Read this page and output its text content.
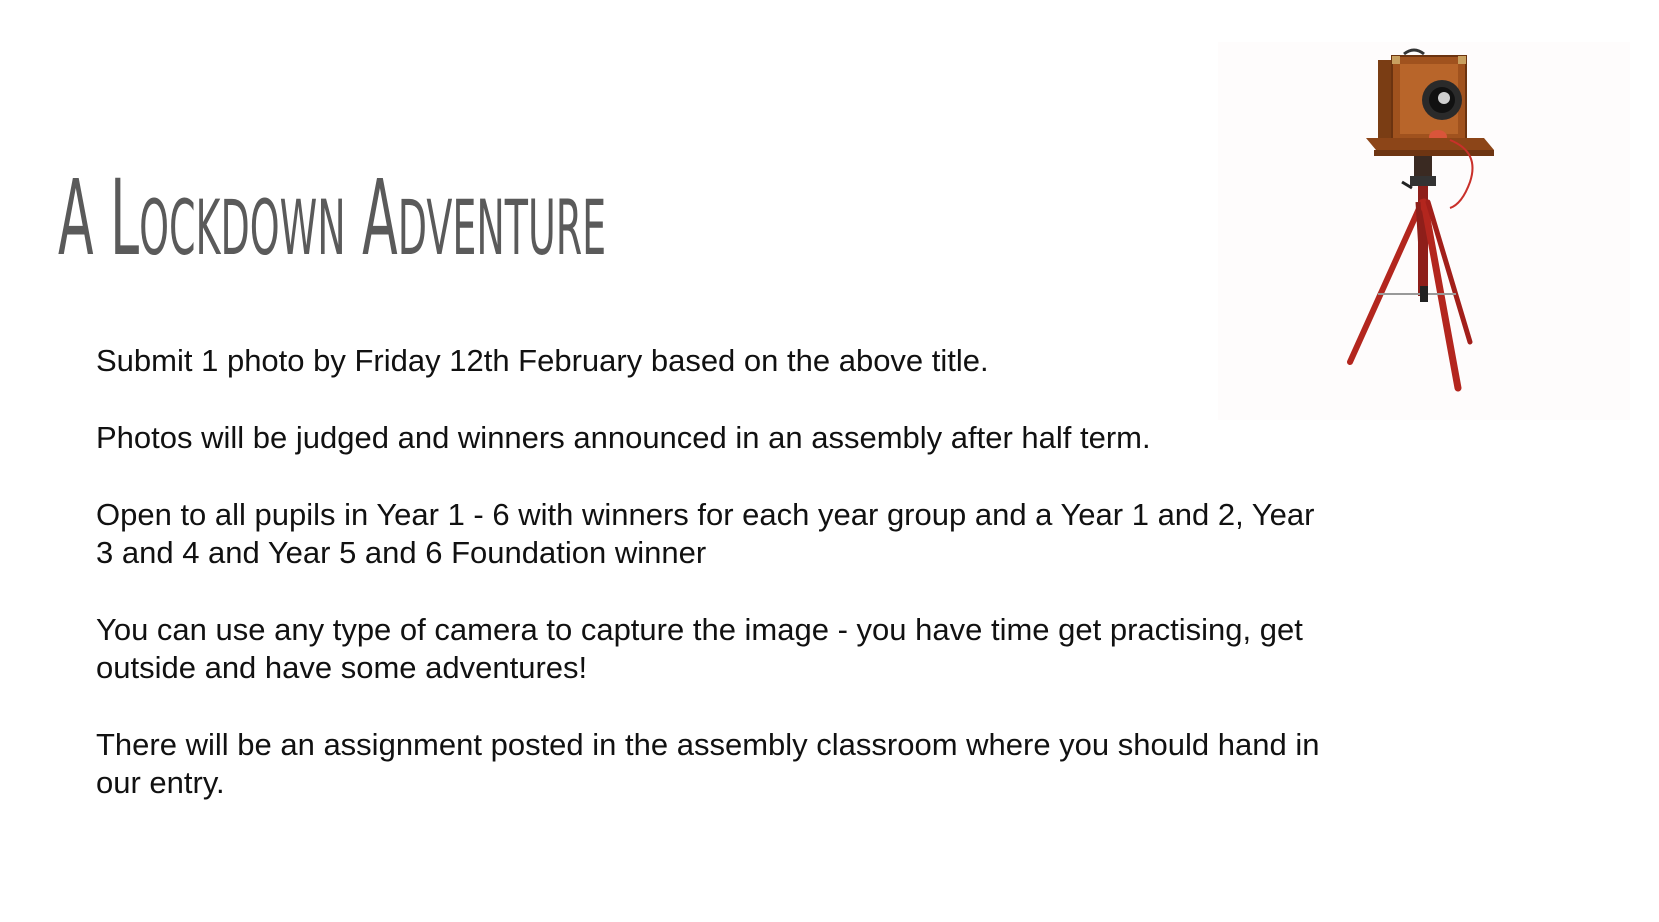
A LOCKDOWN ADVENTURE

Submit 1 photo by Friday 12th February based on the above title.

Photos will be judged and winners announced in an assembly after half term.

Open to all pupils in Year 1 - 6 with winners for each year group and a Year 1 and 2, Year
3 and 4 and Year 5 and 6 Foundation winner

You can use any type of camera to capture the image - you have time get practising, get
outside and have some adventures!

There will be an assignment posted in the assembly classroom where you should hand in
our entry.
